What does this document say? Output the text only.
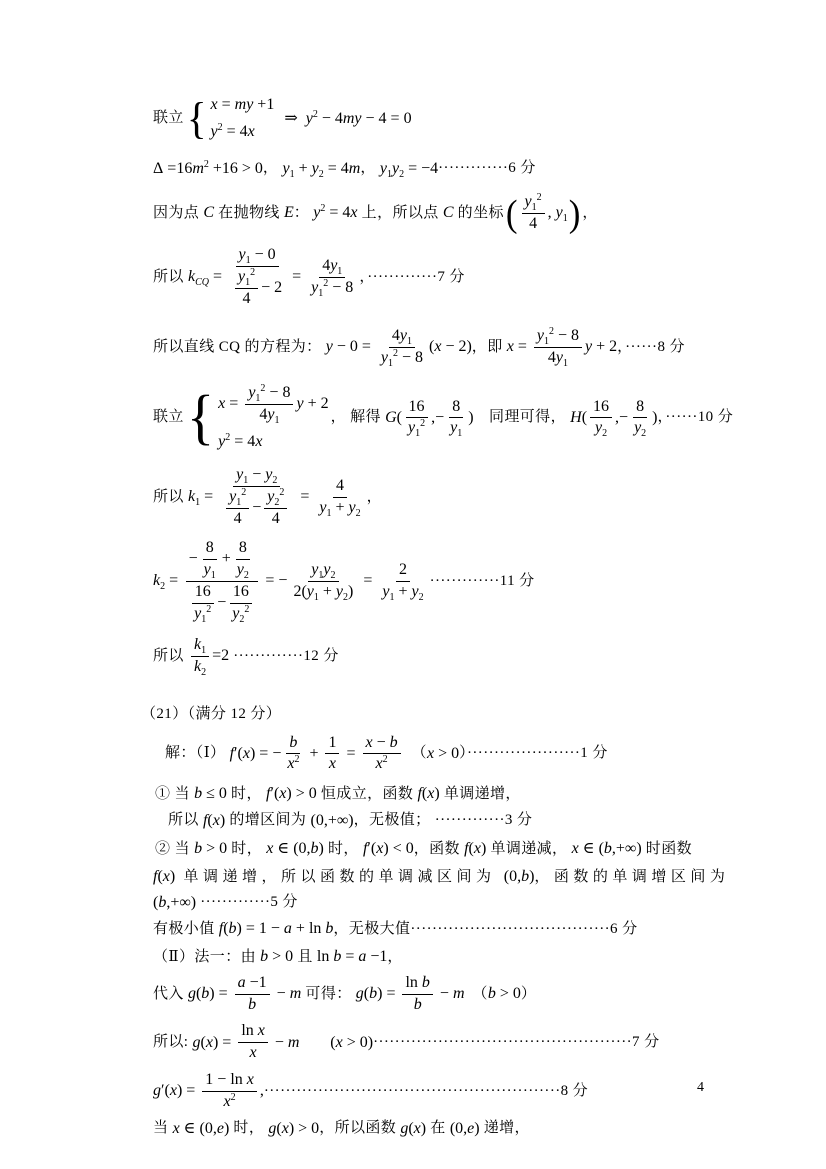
联立 { x = my +1
$y^2 = 4x$
⇒  $y^2 - 4my - 4 = 0$
$\Delta =16m^2 +16 > 0$ ， $y_1 + y_2 = 4m$ ， $y_1y_2 = -4 \cdot\cdot\cdot\cdot\cdot\cdot\cdot\cdot\cdot\cdot\cdot\cdot\cdot 6$ 分
因为点 C 在抛物线 E ： $y^2 = 4x$ 上，所以点 C 的坐标 ( $\frac{y_1^2}{4}$ , $y_1$ ) ，
所以 $k_{CQ} = \frac{y_1 - 0}{\frac{y_1^2}{4} - 2} = \frac{4y_1}{y_1^2 - 8}$ ，·············7 分
所以直线 CQ 的方程为： $y - 0 = \frac{4y_1}{y_1^2 - 8} (x - 2)$ ，即 $x = \frac{y_1^2 - 8}{4y_1}$ y + 2 ，······8 分
联立 { $x = \frac{y_1^2 - 8}{4y_1}$ y + 2
$y^2 = 4x$
， 解得 $G( \frac{16}{y_1^2}$ ,− $\frac{8}{y_1}$ ) 　同理可得， $H( \frac{16}{y_2}$ ,− $\frac{8}{y_2}$ ) ，······10 分
所以 $k_1 = \frac{y_1 - y_2}{\frac{y_1^2}{4} - \frac{y_2^2}{4}} = \frac{4}{y_1 + y_2}$ ，
$k_2 = \frac{- \frac{8}{y_1} + \frac{8}{y_2}}{\frac{16}{y_1^2} - \frac{16}{y_2^2}}$ = − $\frac{y_1y_2}{2(y_1 + y_2)} = \frac{2}{y_1 + y_2} \cdot\cdot\cdot\cdot\cdot\cdot\cdot\cdot\cdot\cdot\cdot\cdot\cdot 11$ 分
所以 $\frac{k_1}{k_2} =2 \cdot\cdot\cdot\cdot\cdot\cdot\cdot\cdot\cdot\cdot\cdot\cdot\cdot 12$ 分
（21）（满分 12 分）
解：（Ⅰ） f′(x) = − $\frac{b}{x^2} + \frac{1}{x} = \frac{x - b}{x^2}$ 　（ x > 0 ）·····················1 分
① 当 b ≤ 0 时， f′(x) > 0 恒成立，函数 f(x) 单调递增，
所以 f(x) 的增区间为 (0,+∞) ，无极值； ·············3 分
② 当 b > 0 时， x ∈ (0,b) 时， f′(x) < 0 ，函数 f(x) 单调递减， x ∈ (b,+∞) 时函数
f(x) 单调递增，所以函数的单调减区间为 (0,b) ，函数的单调增区间为
(b,+∞) ·············5 分
有极小值 f(b) = 1 − a + ln b ，无极大值·····································6 分
（Ⅱ）法一：由 b > 0 且 ln b = a −1 ，
代入 $g(b) = \frac{a -1}{b} - m$ 可得： $g(b) = \frac{\text{ln b}}{b} - m$ 　（ b > 0 ）
所以: $g(x) = \frac{\text{ln x}}{x} - m$
　　 (x > 0) ················································7 分
$g'(x) = \frac{\text{1 − ln x}}{x^2}$ , ·······················································8 分
当 x ∈ (0,e) 时， g(x) > 0 ，所以函数 g(x) 在 (0,e) 递增，
4
